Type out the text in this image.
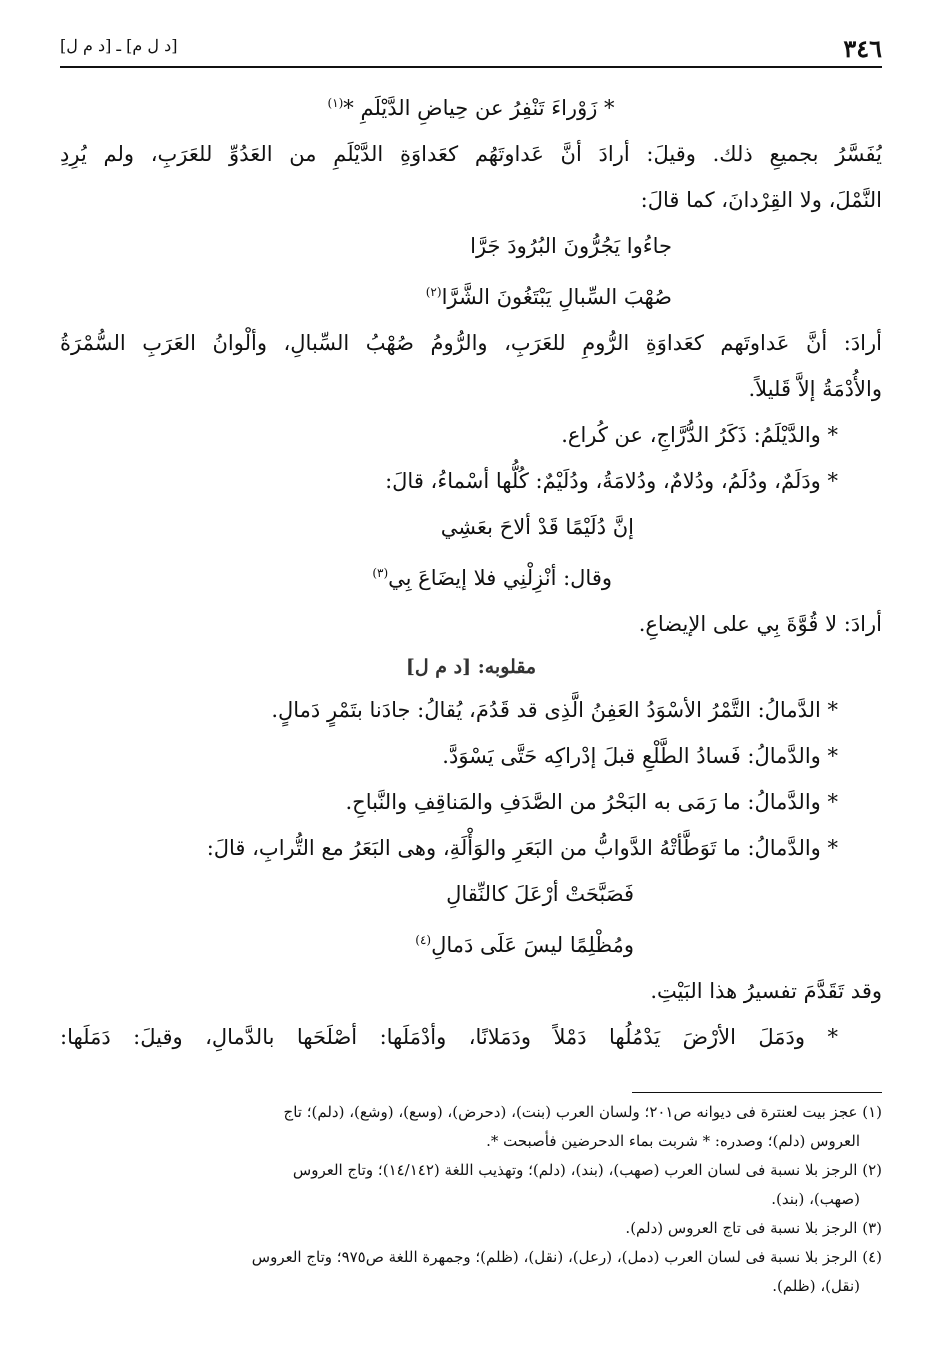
٣٤٦
[د ل م] ـ [د م ل]
* زَوْراءَ تَنْفِرُ عن حِياضِ الدَّيْلَمِ *$^{(١)}$
يُفَسَّرُ بجميعِ ذلك. وقيلَ: أرادَ أنَّ عَداوتَهُم كعَداوَةِ الدَّيْلَمِ من العَدُوِّ للعَرَبِ، ولم يُرِدِ
النَّمْلَ، ولا القِرْدانَ، كما قالَ:
جاءُوا يَجُرُّونَ البُرُودَ جَرَّا
صُهْبَ السِّبالِ يَبْتَغُونَ الشَّرَّا$^{(٢)}$
أرادَ: أنَّ عَداوتَهم كعَداوَةِ الرُّومِ للعَرَبِ، والرُّومُ صُهْبُ السِّبالِ، وألْوانُ العَرَبِ السُّمْرَةُ
والأُدْمَةُ إلاَّ قَليلاً.
* والدَّيْلَمُ: ذَكَرُ الدُّرَّاجِ، عن كُراع.
* ودَلَمٌ، ودُلَمُ، ودُلامٌ، ودُلامَةُ، ودُلَيْمٌ: كُلُّها أسْماءُ، قالَ:
إنَّ دُلَيْمًا قَدْ ألاحَ بعَشِي
وقال: أنْزِلْنِي فلا إيضَاعَ بِي$^{(٣)}$
أرادَ: لا قُوَّةَ بِي على الإيضاعِ.
مقلوبه: [د م ل]
* الدَّمالُ: التَّمْرُ الأسْوَدُ العَفِنُ الَّذِى قد قَدُمَ، يُقالُ: جادَنا بتَمْرٍ دَمالٍ.
* والدَّمالُ: فَسادُ الطَّلْعِ قبلَ إدْراكِه حَتَّى يَسْوَدَّ.
* والدَّمالُ: ما رَمَى به البَحْرُ من الصَّدَفِ والمَناقِفِ والنَّباحِ.
* والدَّمالُ: ما تَوَطَّأتْهُ الدَّوابُّ من البَعَرِ والوَأْلَةِ، وهى البَعَرُ مع التُّرابِ، قالَ:
فَصَبَّحَتْ أرْعَلَ كالنِّقالِ
ومُظْلِمًا ليسَ عَلَى دَمالِ$^{(٤)}$
وقد تَقَدَّمَ تفسيرُ هذا البَيْتِ.
* ودَمَلَ الأرْضَ يَدْمُلُها دَمْلاً ودَمَلانًا، وأدْمَلَها: أصْلَحَها بالدَّمالِ، وقيلَ: دَمَلَها:
(١) عجز بيت لعنترة فى ديوانه ص٢٠١؛ ولسان العرب (بنت)، (دحرض)، (وسع)، (وشع)، (دلم)؛ تاج
العروس (دلم)؛ وصدره: * شربت بماء الدحرضين فأصبحت *.
(٢) الرجز بلا نسبة فى لسان العرب (صهب)، (بند)، (دلم)؛ وتهذيب اللغة (١٤/١٤٢)؛ وتاج العروس
(صهب)، (بند).
(٣) الرجز بلا نسبة فى تاج العروس (دلم).
(٤) الرجز بلا نسبة فى لسان العرب (دمل)، (رعل)، (نقل)، (ظلم)؛ وجمهرة اللغة ص٩٧٥؛ وتاج العروس
(نقل)، (ظلم).
